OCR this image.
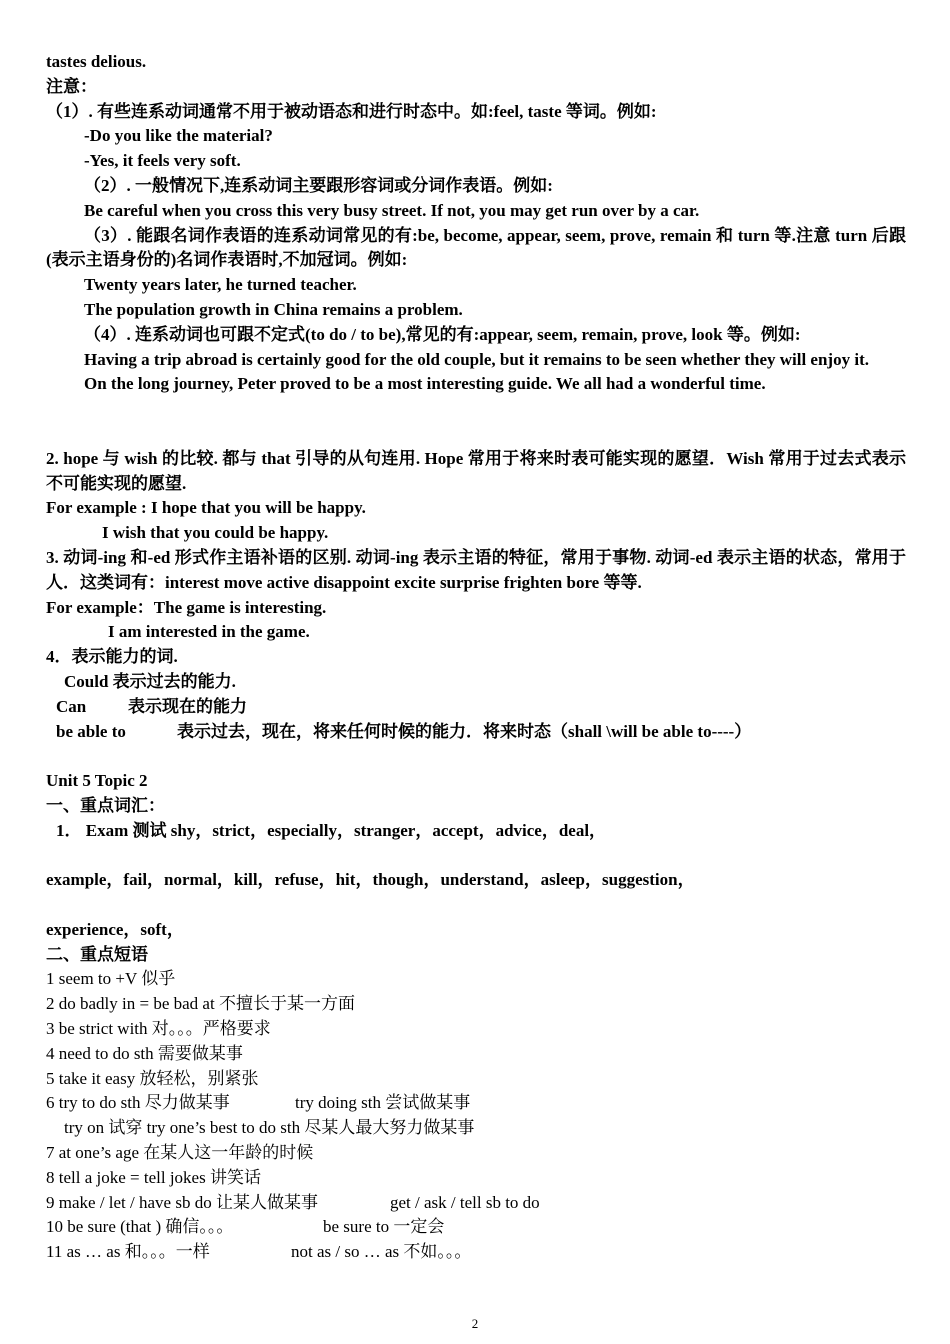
tastes delious.
注意：
（1）. 有些连系动词通常不用于被动语态和进行时态中。如:feel, taste 等词。例如:
-Do you like the material?
-Yes, it feels very soft.
（2）. 一般情况下,连系动词主要跟形容词或分词作表语。例如:
Be careful when you cross this very busy street. If not, you may get run over by a car.
（3）. 能跟名词作表语的连系动词常见的有:be, become, appear, seem, prove, remain 和 turn 等.注意 turn 后跟(表示主语身份的)名词作表语时,不加冠词。例如:
Twenty years later, he turned teacher.
The population growth in China remains a problem.
（4）. 连系动词也可跟不定式(to do / to be),常见的有:appear, seem, remain, prove, look 等。例如:
Having a trip abroad is certainly good for the old couple, but it remains to be seen whether they will enjoy it.
On the long journey, Peter proved to be a most interesting guide. We all had a wonderful time.
2. hope 与 wish 的比较. 都与 that 引导的从句连用. Hope 常用于将来时表可能实现的愿望．Wish 常用于过去式表示不可能实现的愿望.
For example : I hope that you will be happy.
I wish that you could be happy.
3. 动词-ing 和-ed 形式作主语补语的区别. 动词-ing 表示主语的特征，常用于事物. 动词-ed 表示主语的状态，常用于人．这类词有：interest move active disappoint excite surprise frighten bore 等等.
For example：The game is interesting.
I am interested in the game.
4．表示能力的词.
Could 表示过去的能力.
Can 表示现在的能力
be able to	表示过去，现在，将来任何时候的能力．将来时态（shall \will be able to----）
Unit 5 Topic 2
一、重点词汇：
1． Exam 测试 shy，strict，especially，stranger，accept，advice，deal，
example，fail，normal，kill，refuse，hit，though，understand，asleep，suggestion，
experience，soft，
二、重点短语
1 seem to +V 似乎
2 do badly in = be bad at 不擅长于某一方面
3 be strict with 对。。。严格要求
4 need to do sth 需要做某事
5 take it easy 放轻松，别紧张
6 try to do sth 尽力做某事	try doing sth 尝试做某事
try on 试穿 try one’s best to do sth 尽某人最大努力做某事
7 at one’s age 在某人这一年龄的时候
8 tell a joke = tell jokes 讲笑话
9 make / let / have sb do 让某人做某事	get / ask / tell sb to do
10 be sure (that ) 确信。。。	be sure to 一定会
11 as … as 和。。。一样	not as / so … as 不如。。。
2
